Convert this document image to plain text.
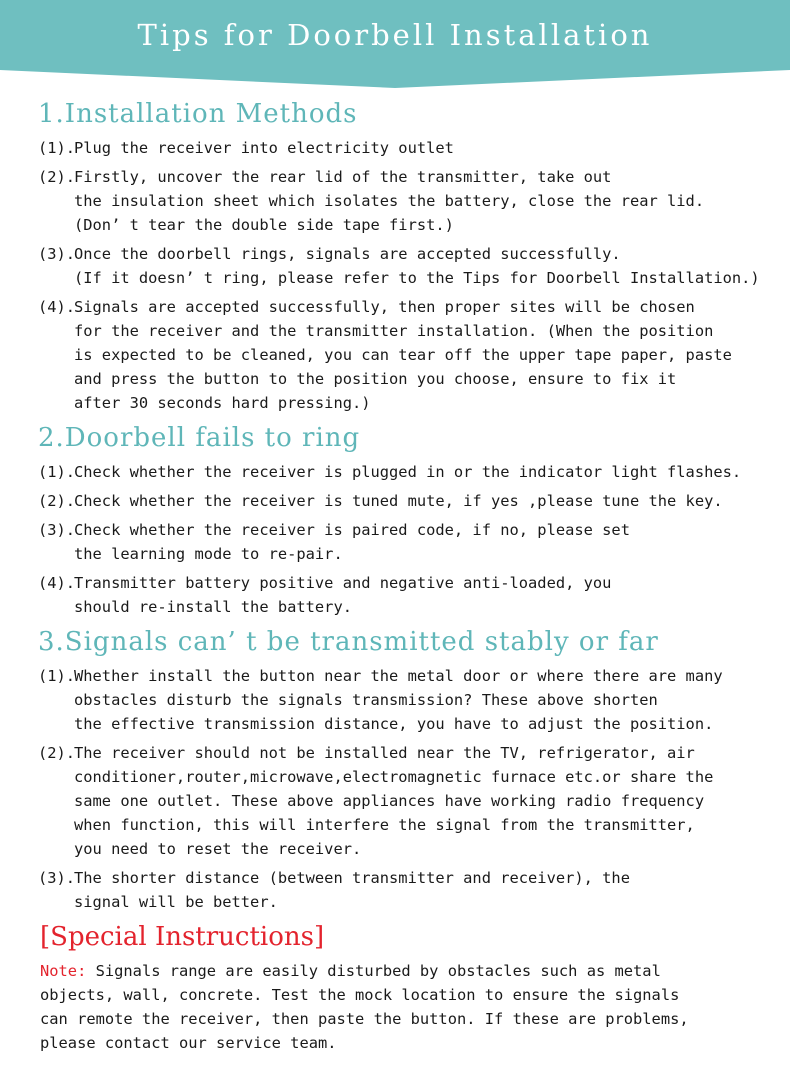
Tips for Doorbell Installation
1.Installation Methods
(1).
Plug the receiver into electricity outlet
(2).
Firstly, uncover the rear lid of the transmitter, take out
the insulation sheet which isolates the battery, close the rear lid.
(Don’ t tear the double side tape first.)
(3).
Once the doorbell rings, signals are accepted successfully.
(If it doesn’ t ring, please refer to the Tips for Doorbell Installation.)
(4).
Signals are accepted successfully, then proper sites will be chosen
for the receiver and the transmitter installation. (When the position
is expected to be cleaned, you can tear off the upper tape paper, paste
and press the button to the position you choose, ensure to fix it
after 30 seconds hard pressing.)
2.Doorbell fails to ring
(1).
Check whether the receiver is plugged in or the indicator light flashes.
(2).
Check whether the receiver is tuned mute, if yes ,please tune the key.
(3).
Check whether the receiver is paired code, if no, please set
the learning mode to re-pair.
(4).
Transmitter battery positive and negative anti-loaded, you
should re-install the battery.
3.Signals can’ t be transmitted stably or far
(1).
Whether install the button near the metal door or where there are many
obstacles disturb the signals transmission? These above shorten
the effective transmission distance, you have to adjust the position.
(2).
The receiver should not be installed near the TV, refrigerator, air
conditioner,router,microwave,electromagnetic furnace etc.or share the
same one outlet. These above appliances have working radio frequency
when function, this will interfere the signal from the transmitter,
you need to reset the receiver.
(3).
The shorter distance (between transmitter and receiver), the
signal will be better.
[Special Instructions]
Note: Signals range are easily disturbed by obstacles such as metal
objects, wall, concrete. Test the mock location to ensure the signals
can remote the receiver, then paste the button. If these are problems,
please contact our service team.
